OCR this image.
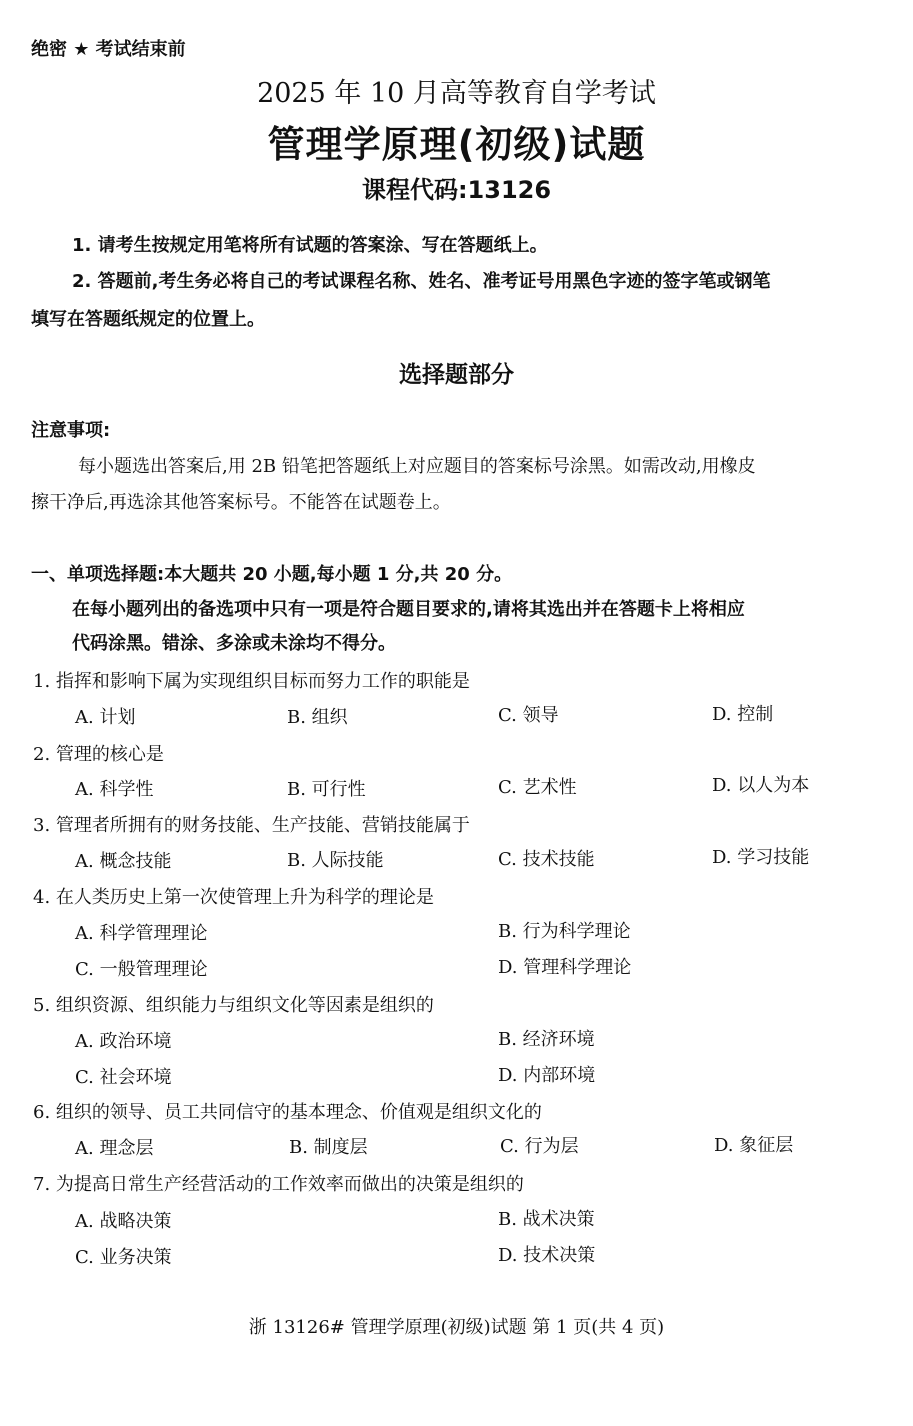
绝密 ★ 考试结束前
2025 年 10 月高等教育自学考试
管理学原理(初级)试题
课程代码:13126
1. 请考生按规定用笔将所有试题的答案涂、写在答题纸上。
2. 答题前,考生务必将自己的考试课程名称、姓名、准考证号用黑色字迹的签字笔或钢笔
填写在答题纸规定的位置上。
选择题部分
注意事项:
每小题选出答案后,用 2B 铅笔把答题纸上对应题目的答案标号涂黑。如需改动,用橡皮
擦干净后,再选涂其他答案标号。不能答在试题卷上。
一、单项选择题:本大题共 20 小题,每小题 1 分,共 20 分。
在每小题列出的备选项中只有一项是符合题目要求的,请将其选出并在答题卡上将相应
代码涂黑。错涂、多涂或未涂均不得分。
1. 指挥和影响下属为实现组织目标而努力工作的职能是
A. 计划	B. 组织	C. 领导	D. 控制
2. 管理的核心是
A. 科学性	B. 可行性	C. 艺术性	D. 以人为本
3. 管理者所拥有的财务技能、生产技能、营销技能属于
A. 概念技能	B. 人际技能	C. 技术技能	D. 学习技能
4. 在人类历史上第一次使管理上升为科学的理论是
A. 科学管理理论	B. 行为科学理论
C. 一般管理理论	D. 管理科学理论
5. 组织资源、组织能力与组织文化等因素是组织的
A. 政治环境	B. 经济环境
C. 社会环境	D. 内部环境
6. 组织的领导、员工共同信守的基本理念、价值观是组织文化的
A. 理念层	B. 制度层	C. 行为层	D. 象征层
7. 为提高日常生产经营活动的工作效率而做出的决策是组织的
A. 战略决策	B. 战术决策
C. 业务决策	D. 技术决策
浙 13126# 管理学原理(初级)试题 第 1 页(共 4 页)
